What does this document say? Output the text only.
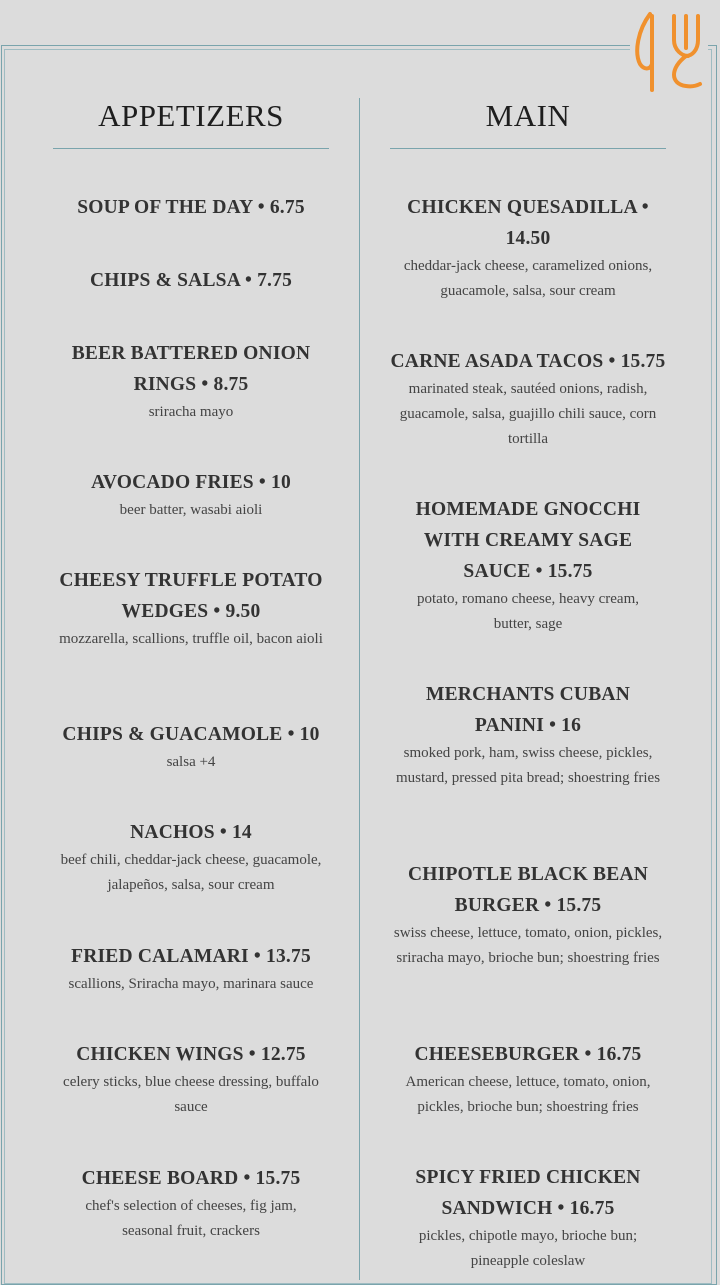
APPETIZERS
SOUP OF THE DAY • 6.75
CHIPS & SALSA • 7.75
BEER BATTERED ONION RINGS • 8.75
sriracha mayo
AVOCADO FRIES • 10
beer batter, wasabi aioli
CHEESY TRUFFLE POTATO WEDGES • 9.50
mozzarella, scallions, truffle oil, bacon aioli
CHIPS & GUACAMOLE • 10
salsa +4
NACHOS • 14
beef chili, cheddar-jack cheese, guacamole, jalapeños, salsa, sour cream
FRIED CALAMARI • 13.75
scallions, Sriracha mayo, marinara sauce
CHICKEN WINGS • 12.75
celery sticks, blue cheese dressing, buffalo sauce
CHEESE BOARD • 15.75
chef's selection of cheeses, fig jam, seasonal fruit, crackers
MAIN
CHICKEN QUESADILLA • 14.50
cheddar-jack cheese, caramelized onions, guacamole, salsa, sour cream
CARNE ASADA TACOS • 15.75
marinated steak, sautéed onions, radish, guacamole, salsa, guajillo chili sauce, corn tortilla
HOMEMADE GNOCCHI WITH CREAMY SAGE SAUCE • 15.75
potato, romano cheese, heavy cream, butter, sage
MERCHANTS CUBAN PANINI • 16
smoked pork, ham, swiss cheese, pickles, mustard, pressed pita bread; shoestring fries
CHIPOTLE BLACK BEAN BURGER • 15.75
swiss cheese, lettuce, tomato, onion, pickles, sriracha mayo, brioche bun; shoestring fries
CHEESEBURGER • 16.75
American cheese, lettuce, tomato, onion, pickles, brioche bun; shoestring fries
SPICY FRIED CHICKEN SANDWICH • 16.75
pickles, chipotle mayo, brioche bun; pineapple coleslaw
